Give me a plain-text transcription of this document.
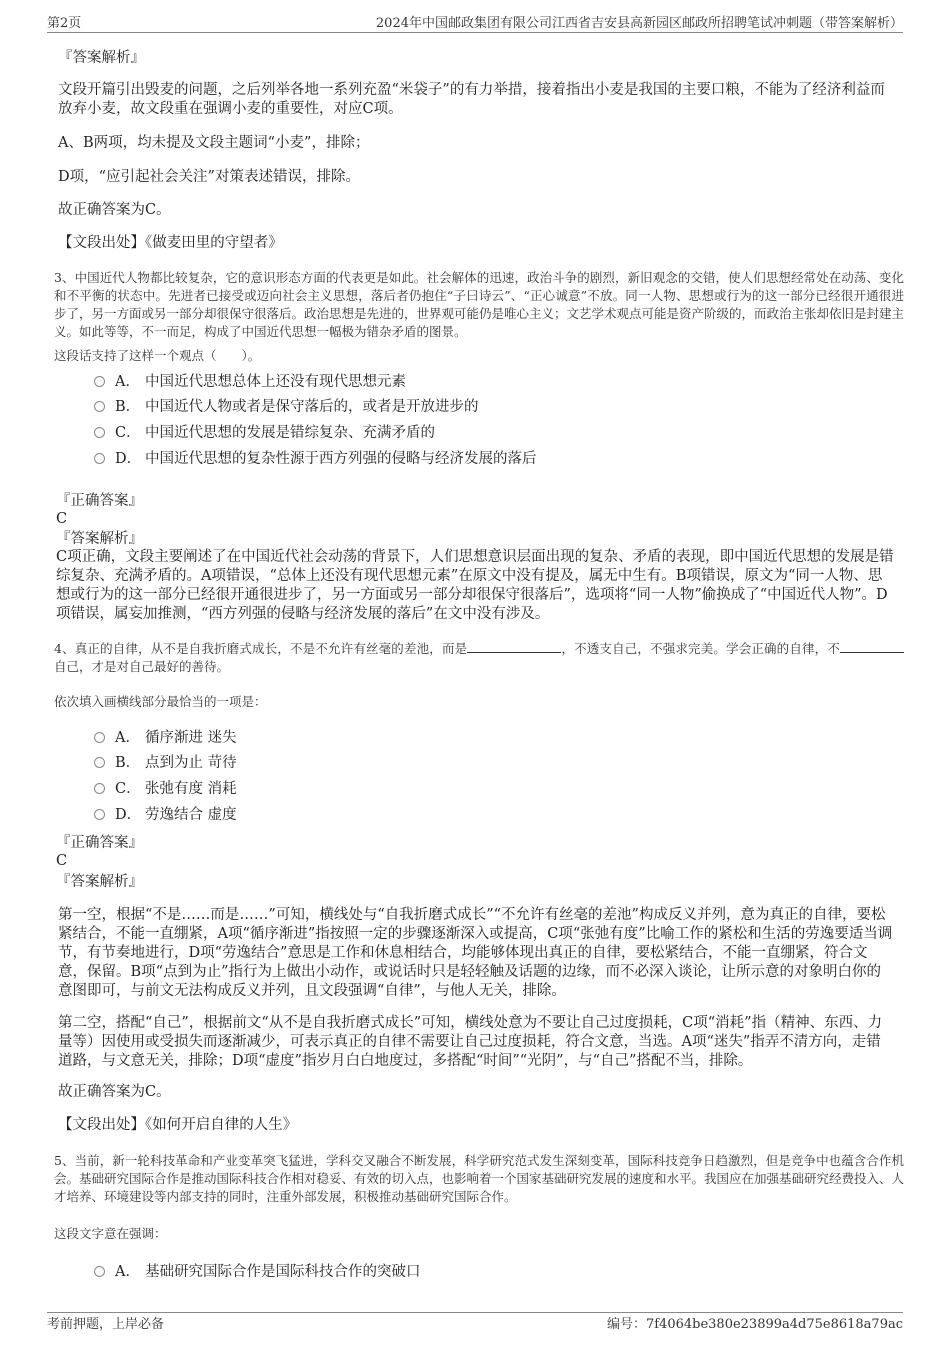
第2页	2024年中国邮政集团有限公司江西省吉安县高新园区邮政所招聘笔试冲刺题（带答案解析）
『答案解析』
文段开篇引出毁麦的问题，之后列举各地一系列充盈“米袋子”的有力举措，接着指出小麦是我国的主要口粮，不能为了经济利益而放弃小麦，故文段重在强调小麦的重要性，对应C项。
A、B两项，均未提及文段主题词“小麦”，排除；
D项，“应引起社会关注”对策表述错误，排除。
故正确答案为C。
【文段出处】《做麦田里的守望者》
3、中国近代人物都比较复杂，它的意识形态方面的代表更是如此。社会解体的迅速，政治斗争的剧烈，新旧观念的交错，使人们思想经常处在动荡、变化和不平衡的状态中。先进者已接受或迈向社会主义思想，落后者仍抱住“子曰诗云”、“正心诚意”不放。同一人物、思想或行为的这一部分已经很开通很进步了，另一方面或另一部分却很保守很落后。政治思想是先进的，世界观可能仍是唯心主义；文艺学术观点可能是资产阶级的，而政治主张却依旧是封建主义。如此等等，不一而足，构成了中国近代思想一幅极为错杂矛盾的图景。
这段话支持了这样一个观点（　　）。
A． 中国近代思想总体上还没有现代思想元素
B． 中国近代人物或者是保守落后的，或者是开放进步的
C． 中国近代思想的发展是错综复杂、充满矛盾的
D． 中国近代思想的复杂性源于西方列强的侵略与经济发展的落后
『正确答案』
C
『答案解析』
C项正确，文段主要阐述了在中国近代社会动荡的背景下，人们思想意识层面出现的复杂、矛盾的表现，即中国近代思想的发展是错综复杂、充满矛盾的。A项错误，“总体上还没有现代思想元素”在原文中没有提及，属无中生有。B项错误，原文为“同一人物、思想或行为的这一部分已经很开通很进步了，另一方面或另一部分却很保守很落后”，选项将“同一人物”偷换成了“中国近代人物”。D项错误，属妄加推测，“西方列强的侵略与经济发展的落后”在文中没有涉及。
4、真正的自律，从不是自我折磨式成长，不是不允许有丝毫的差池，而是	，不透支自己，不强求完美。学会正确的自律，不自己，才是对自己最好的善待。
依次填入画横线部分最恰当的一项是：
A． 循序渐进 迷失
B． 点到为止 苛待
C． 张弛有度 消耗
D． 劳逸结合 虚度
『正确答案』
C
『答案解析』
第一空，根据“不是……而是……”可知，横线处与“自我折磨式成长”“不允许有丝毫的差池”构成反义并列，意为真正的自律，要松紧结合，不能一直绷紧，A项“循序渐进”指按照一定的步骤逐渐深入或提高，C项“张弛有度”比喻工作的紧松和生活的劳逸要适当调节，有节奏地进行，D项“劳逸结合”意思是工作和休息相结合，均能够体现出真正的自律，要松紧结合，不能一直绷紧，符合文意，保留。B项“点到为止”指行为上做出小动作，或说话时只是轻轻触及话题的边缘，而不必深入谈论，让所示意的对象明白你的意图即可，与前文无法构成反义并列，且文段强调“自律”，与他人无关，排除。
第二空，搭配“自己”，根据前文“从不是自我折磨式成长”可知，横线处意为不要让自己过度损耗，C项“消耗”指（精神、东西、力量等）因使用或受损失而逐渐减少，可表示真正的自律不需要让自己过度损耗，符合文意，当选。A项“迷失”指弄不清方向，走错道路，与文意无关，排除；D项“虚度”指岁月白白地度过，多搭配“时间”“光阴”，与“自己”搭配不当，排除。
故正确答案为C。
【文段出处】《如何开启自律的人生》
5、当前，新一轮科技革命和产业变革突飞猛进，学科交叉融合不断发展，科学研究范式发生深刻变革，国际科技竞争日趋激烈，但是竞争中也蕴含合作机会。基础研究国际合作是推动国际科技合作相对稳妥、有效的切入点，也影响着一个国家基础研究发展的速度和水平。我国应在加强基础研究经费投入、人才培养、环境建设等内部支持的同时，注重外部发展，积极推动基础研究国际合作。
这段文字意在强调：
A． 基础研究国际合作是国际科技合作的突破口
考前押题，上岸必备	编号：7f4064be380e23899a4d75e8618a79ac
